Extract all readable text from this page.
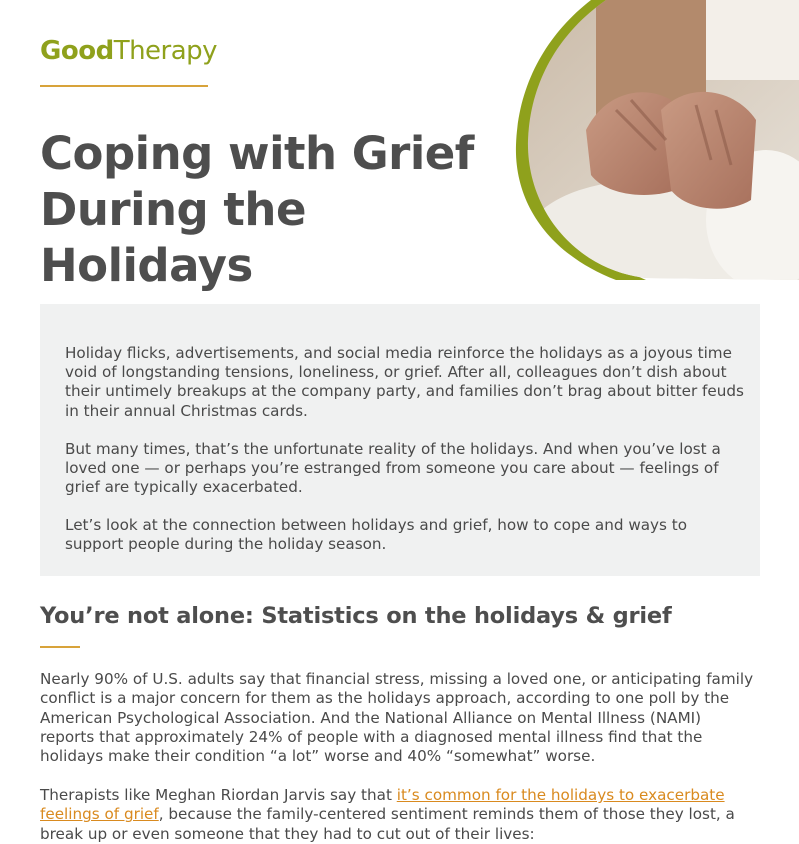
GoodTherapy
Coping with Grief
During the Holidays

Holiday flicks, advertisements, and social media reinforce the holidays as a joyous time void of longstanding tensions, loneliness, or grief. After all, colleagues don’t dish about their untimely breakups at the company party, and families don’t brag about bitter feuds in their annual Christmas cards.

But many times, that’s the unfortunate reality of the holidays. And when you’ve lost a loved one — or perhaps you’re estranged from someone you care about — feelings of grief are typically exacerbated.

Let’s look at the connection between holidays and grief, how to cope and ways to support people during the holiday season.

You’re not alone: Statistics on the holidays & grief

Nearly 90% of U.S. adults say that financial stress, missing a loved one, or anticipating family conflict is a major concern for them as the holidays approach, according to one poll by the American Psychological Association. And the National Alliance on Mental Illness (NAMI) reports that approximately 24% of people with a diagnosed mental illness find that the holidays make their condition “a lot” worse and 40% “somewhat” worse.

Therapists like Meghan Riordan Jarvis say that it’s common for the holidays to exacerbate feelings of grief, because the family-centered sentiment reminds them of those they lost, a break up or even someone that they had to cut out of their lives:
